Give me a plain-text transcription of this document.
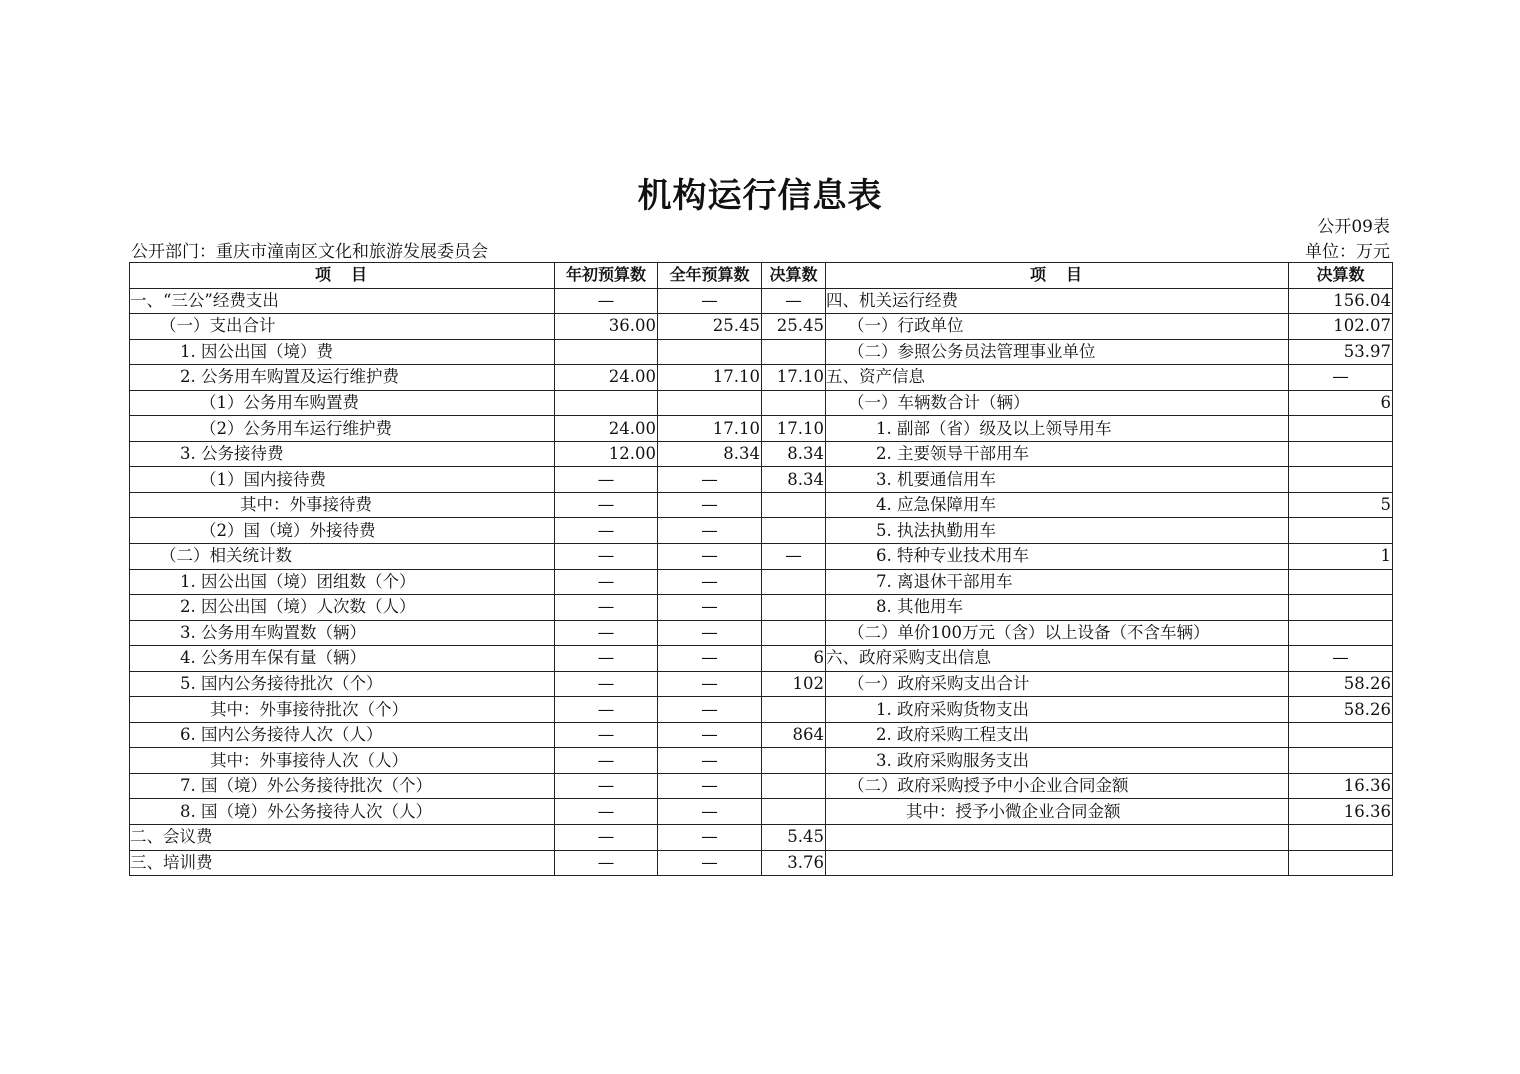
机构运行信息表
公开09表
公开部门：重庆市潼南区文化和旅游发展委员会	单位：万元
项　目	年初预算数	全年预算数	决算数	项　目	决算数
一、“三公”经费支出	—	—	—	四、机关运行经费	156.04
（一）支出合计	36.00	25.45	25.45	（一）行政单位	102.07
1. 因公出国（境）费				（二）参照公务员法管理事业单位	53.97
2. 公务用车购置及运行维护费	24.00	17.10	17.10	五、资产信息	—
（1）公务用车购置费				（一）车辆数合计（辆）	6
（2）公务用车运行维护费	24.00	17.10	17.10	1. 副部（省）级及以上领导用车	
3. 公务接待费	12.00	8.34	8.34	2. 主要领导干部用车	
（1）国内接待费	—	—	8.34	3. 机要通信用车	
其中：外事接待费	—	—		4. 应急保障用车	5
（2）国（境）外接待费	—	—		5. 执法执勤用车	
（二）相关统计数	—	—	—	6. 特种专业技术用车	1
1. 因公出国（境）团组数（个）	—	—		7. 离退休干部用车	
2. 因公出国（境）人次数（人）	—	—		8. 其他用车	
3. 公务用车购置数（辆）	—	—		（二）单价100万元（含）以上设备（不含车辆）	
4. 公务用车保有量（辆）	—	—	6	六、政府采购支出信息	—
5. 国内公务接待批次（个）	—	—	102	（一）政府采购支出合计	58.26
其中：外事接待批次（个）	—	—		1. 政府采购货物支出	58.26
6. 国内公务接待人次（人）	—	—	864	2. 政府采购工程支出	
其中：外事接待人次（人）	—	—		3. 政府采购服务支出	
7. 国（境）外公务接待批次（个）	—	—		（二）政府采购授予中小企业合同金额	16.36
8. 国（境）外公务接待人次（人）	—	—		其中：授予小微企业合同金额	16.36
二、会议费	—	—	5.45		
三、培训费	—	—	3.76		
